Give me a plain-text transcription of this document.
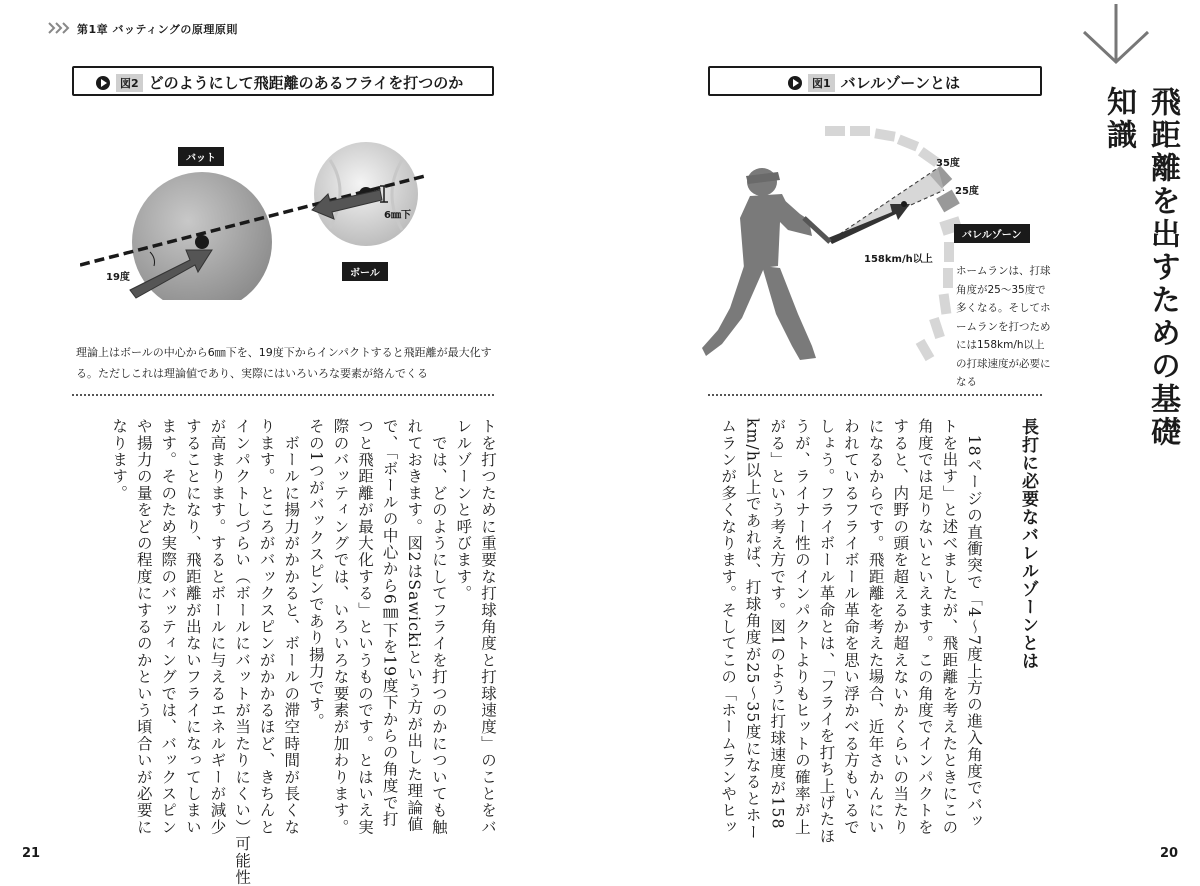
第1章 バッティングの原理原則
図2 どのようにして飛距離のあるフライを打つのか
バット
ボール
19度
6㎜下
理論上はボールの中心から6㎜下を、19度下からインパクトすると飛距離が最大化す
る。ただしこれは理論値であり、実際にはいろいろな要素が絡んでくる
トを打つために重要な打球角度と打球速度」のことをバ
レルゾーンと呼びます。
　では、どのようにしてフライを打つのかについても触
れておきます。図2はSawickiという方が出した理論値
で、「ボールの中心から6㎜下を19度下からの角度で打
つと飛距離が最大化する」というものです。とはいえ実
際のバッティングでは、いろいろな要素が加わります。
その1つがバックスピンであり揚力です。
　ボールに揚力がかかると、ボールの滞空時間が長くな
ります。ところがバックスピンがかかるほど、きちんと
インパクトしづらい（ボールにバットが当たりにくい）可能性
が高まります。するとボールに与えるエネルギーが減少
することになり、飛距離が出ないフライになってしまい
ます。そのため実際のバッティングでは、バックスピン
や揚力の量をどの程度にするのかという頃合いが必要に
なります。
21
飛距離を出すための基礎知識
図1 バレルゾーンとは
35度
25度
バレルゾーン
158km/h以上
ホームランは、打球角度が25〜35度で多くなる。そしてホームランを打つためには158km/h以上の打球速度が必要になる
長打に必要なバレルゾーンとは
　18ページの直衝突で「4〜7度上方の進入角度でバッ
トを出す」と述べましたが、飛距離を考えたときにこの
角度では足りないといえます。この角度でインパクトを
すると、内野の頭を超えるか超えないかくらいの当たり
になるからです。飛距離を考えた場合、近年さかんにい
われているフライボール革命を思い浮かべる方もいるで
しょう。フライボール革命とは、「フライを打ち上げたほ
うが、ライナー性のインパクトよりもヒットの確率が上
がる」という考え方です。図1のように打球速度が158
km/h以上であれば、打球角度が25〜35度になるとホー
ムランが多くなります。そしてこの「ホームランやヒッ
20
